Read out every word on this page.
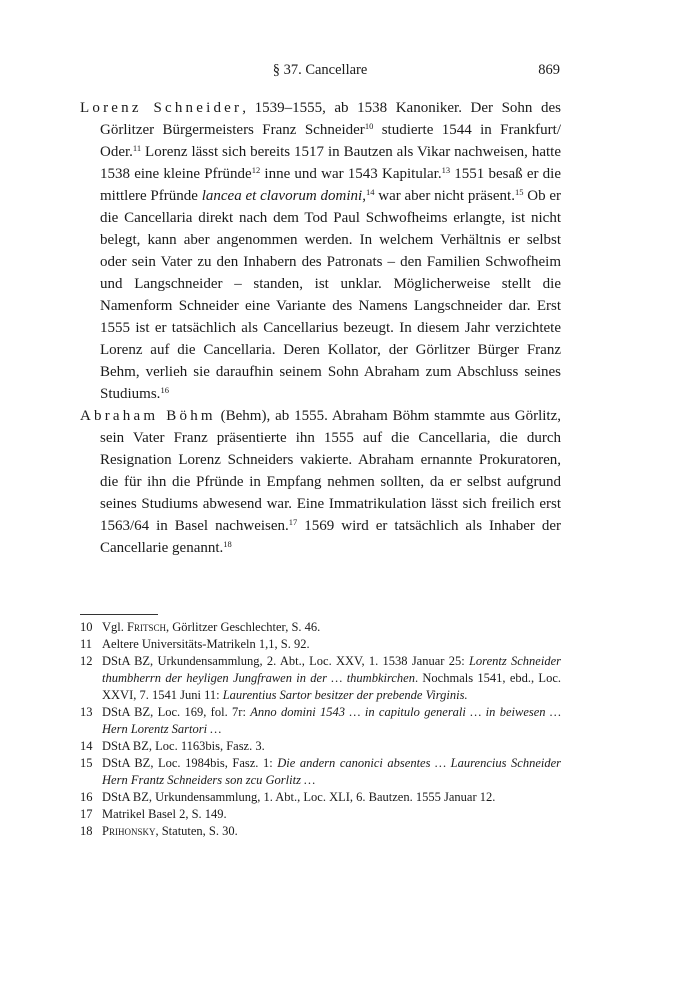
§ 37. Cancellare	869

Lorenz Schneider, 1539–1555, ab 1538 Kanoniker. Der Sohn des Görlitzer Bürgermeisters Franz Schneider$^{10}$ studierte 1544 in Frankfurt/ Oder.$^{11}$ Lorenz lässt sich bereits 1517 in Bautzen als Vikar nachweisen, hatte 1538 eine kleine Pfründe$^{12}$ inne und war 1543 Kapitular.$^{13}$ 1551 besaß er die mittlere Pfründe lancea et clavorum domini,$^{14}$ war aber nicht präsent.$^{15}$ Ob er die Cancellaria direkt nach dem Tod Paul Schwofheims erlangte, ist nicht belegt, kann aber angenommen werden. In welchem Verhältnis er selbst oder sein Vater zu den Inhabern des Patronats – den Familien Schwofheim und Langschneider – standen, ist unklar. Möglicherweise stellt die Namenform Schneider eine Variante des Namens Langschneider dar. Erst 1555 ist er tatsächlich als Cancellarius bezeugt. In diesem Jahr verzichtete Lorenz auf die Cancellaria. Deren Kollator, der Görlitzer Bürger Franz Behm, verlieh sie daraufhin seinem Sohn Abraham zum Abschluss seines Studiums.$^{16}$

Abraham Böhm (Behm), ab 1555. Abraham Böhm stammte aus Görlitz, sein Vater Franz präsentierte ihn 1555 auf die Cancellaria, die durch Resignation Lorenz Schneiders vakierte. Abraham ernannte Prokuratoren, die für ihn die Pfründe in Empfang nehmen sollten, da er selbst aufgrund seines Studiums abwesend war. Eine Immatrikulation lässt sich freilich erst 1563/64 in Basel nachweisen.$^{17}$ 1569 wird er tatsächlich als Inhaber der Cancellarie genannt.$^{18}$

10 Vgl. Fritsch, Görlitzer Geschlechter, S. 46.
11 Aeltere Universitäts-Matrikeln 1,1, S. 92.
12 DStA BZ, Urkundensammlung, 2. Abt., Loc. XXV, 1. 1538 Januar 25: Lorentz Schneider thumbherrn der heyligen Jungfrawen in der … thumbkirchen. Nochmals 1541, ebd., Loc. XXVI, 7. 1541 Juni 11: Laurentius Sartor besitzer der prebende Virginis.
13 DStA BZ, Loc. 169, fol. 7r: Anno domini 1543 … in capitulo generali … in beiwesen … Hern Lorentz Sartori …
14 DStA BZ, Loc. 1163bis, Fasz. 3.
15 DStA BZ, Loc. 1984bis, Fasz. 1: Die andern canonici absentes … Laurencius Schneider Hern Frantz Schneiders son zcu Gorlitz …
16 DStA BZ, Urkundensammlung, 1. Abt., Loc. XLI, 6. Bautzen. 1555 Januar 12.
17 Matrikel Basel 2, S. 149.
18 Prihonsky, Statuten, S. 30.
